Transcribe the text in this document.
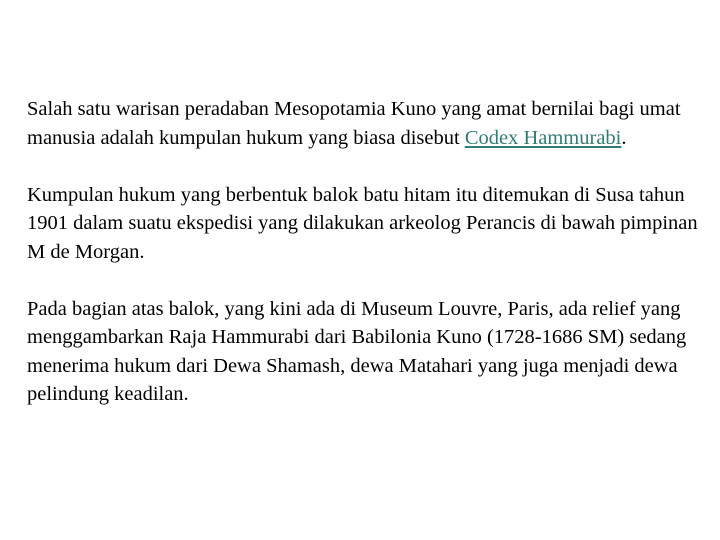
Salah satu warisan peradaban Mesopotamia Kuno yang amat bernilai bagi umat manusia adalah kumpulan hukum yang biasa disebut Codex Hammurabi.

Kumpulan hukum yang berbentuk balok batu hitam itu ditemukan di Susa tahun 1901 dalam suatu ekspedisi yang dilakukan arkeolog Perancis di bawah pimpinan M de Morgan.

Pada bagian atas balok, yang kini ada di Museum Louvre, Paris, ada relief yang menggambarkan Raja Hammurabi dari Babilonia Kuno (1728-1686 SM) sedang menerima hukum dari Dewa Shamash, dewa Matahari yang juga menjadi dewa pelindung keadilan.
